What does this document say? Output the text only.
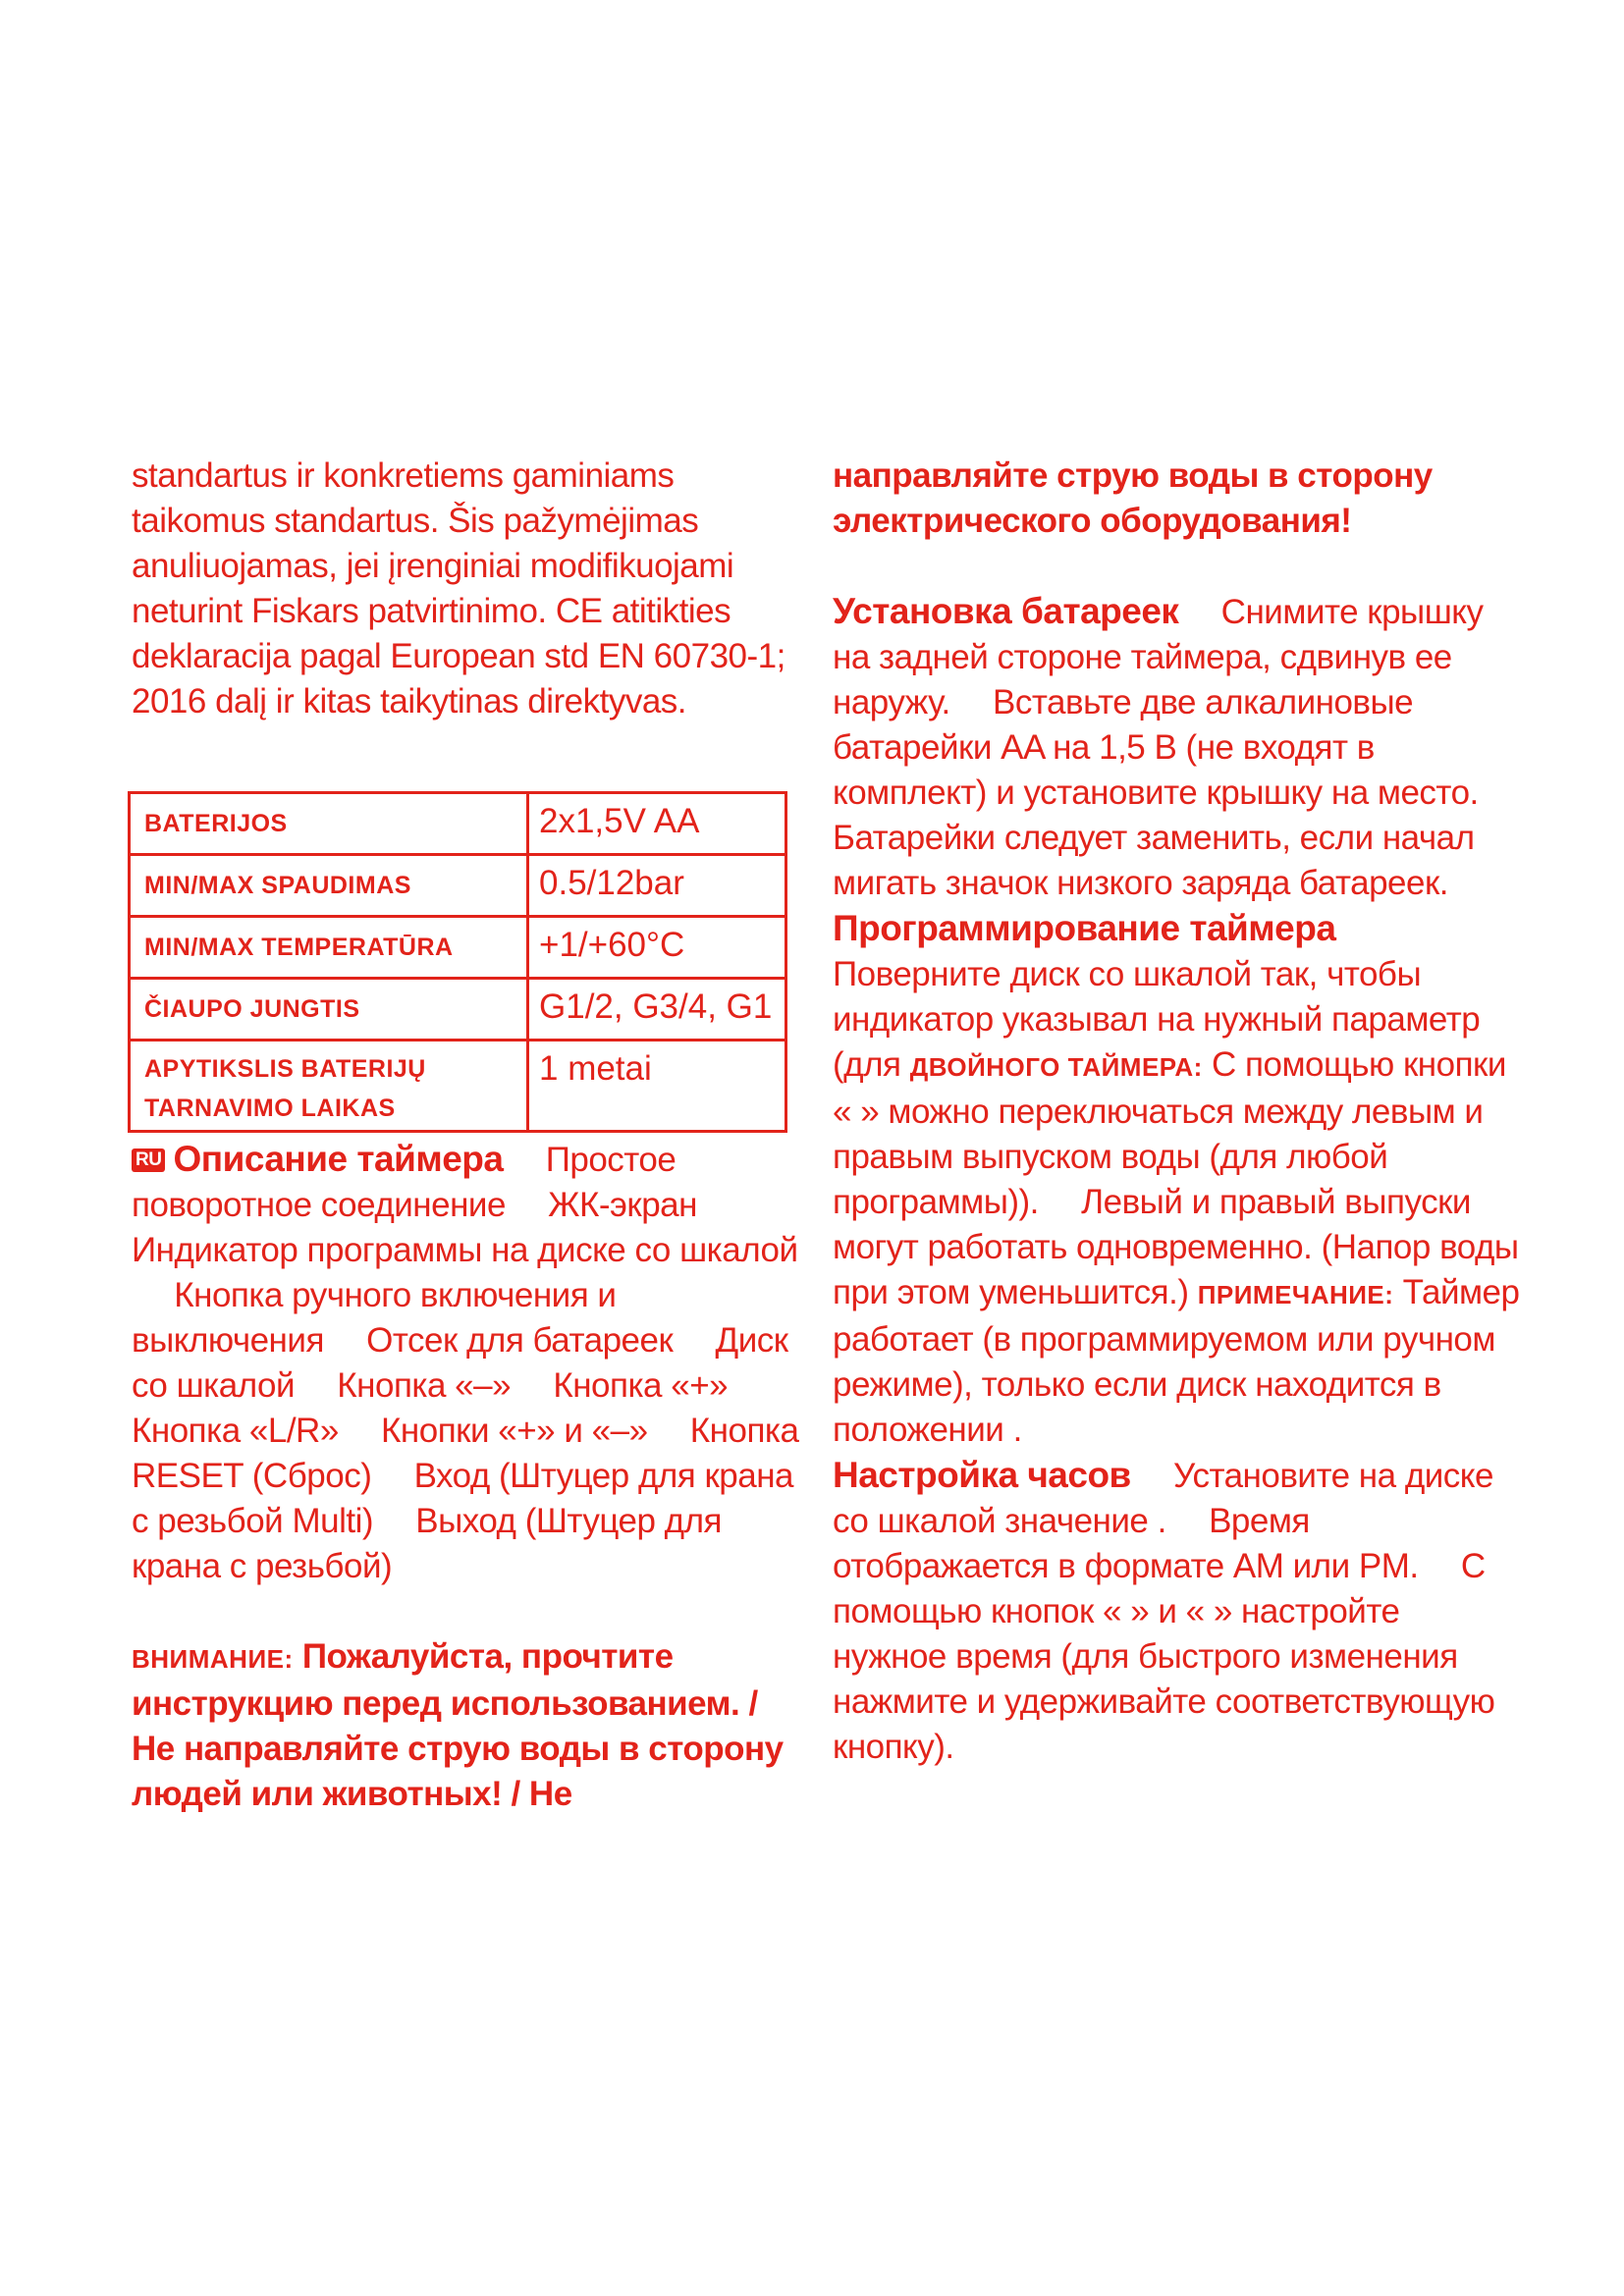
standartus ir konkretiems gaminiams taikomus standartus. Šis pažymėjimas anuliuojamas, jei įrenginiai modifikuojami neturint Fiskars patvirtinimo. CE atitikties deklaracija pagal European std EN 60730-1; 2016 dalį ir kitas taikytinas direktyvas.

BATERIJOS	2x1,5V AA
MIN/MAX SPAUDIMAS	0.5/12bar
MIN/MAX TEMPERATŪRA	+1/+60°C
ČIAUPO JUNGTIS	G1/2, G3/4, G1
APYTIKSLIS BATERIJŲ TARNAVIMO LAIKAS	1 metai

RU Описание таймера Простое поворотное соединение ЖК-экран Индикатор программы на диске со шкалой Кнопка ручного включения и выключения Отсек для батареек Диск со шкалой Кнопка «–» Кнопка «+» Кнопка «L/R» Кнопки «+» и «–» Кнопка RESET (Сброс) Вход (Штуцер для крана с резьбой Multi) Выход (Штуцер для крана с резьбой)

ВНИМАНИЕ: Пожалуйста, прочтите инструкцию перед использованием. / Не направляйте струю воды в сторону людей или животных! / Не

направляйте струю воды в сторону электрического оборудования!

Установка батареек Снимите крышку на задней стороне таймера, сдвинув ее наружу. Вставьте две алкалиновые батарейки AA на 1,5 В (не входят в комплект) и установите крышку на место. Батарейки следует заменить, если начал мигать значок низкого заряда батареек.

Программирование таймера Поверните диск со шкалой так, чтобы индикатор указывал на нужный параметр (для ДВОЙНОГО ТАЙМЕРА: С помощью кнопки « » можно переключаться между левым и правым выпуском воды (для любой программы)). Левый и правый выпуски могут работать одновременно. (Напор воды при этом уменьшится.) ПРИМЕЧАНИЕ: Таймер работает (в программируемом или ручном режиме), только если диск находится в положении .

Настройка часов Установите на диске со шкалой значение . Время отображается в формате AM или PM. С помощью кнопок « » и « » настройте нужное время (для быстрого изменения нажмите и удерживайте соответствующую кнопку).
